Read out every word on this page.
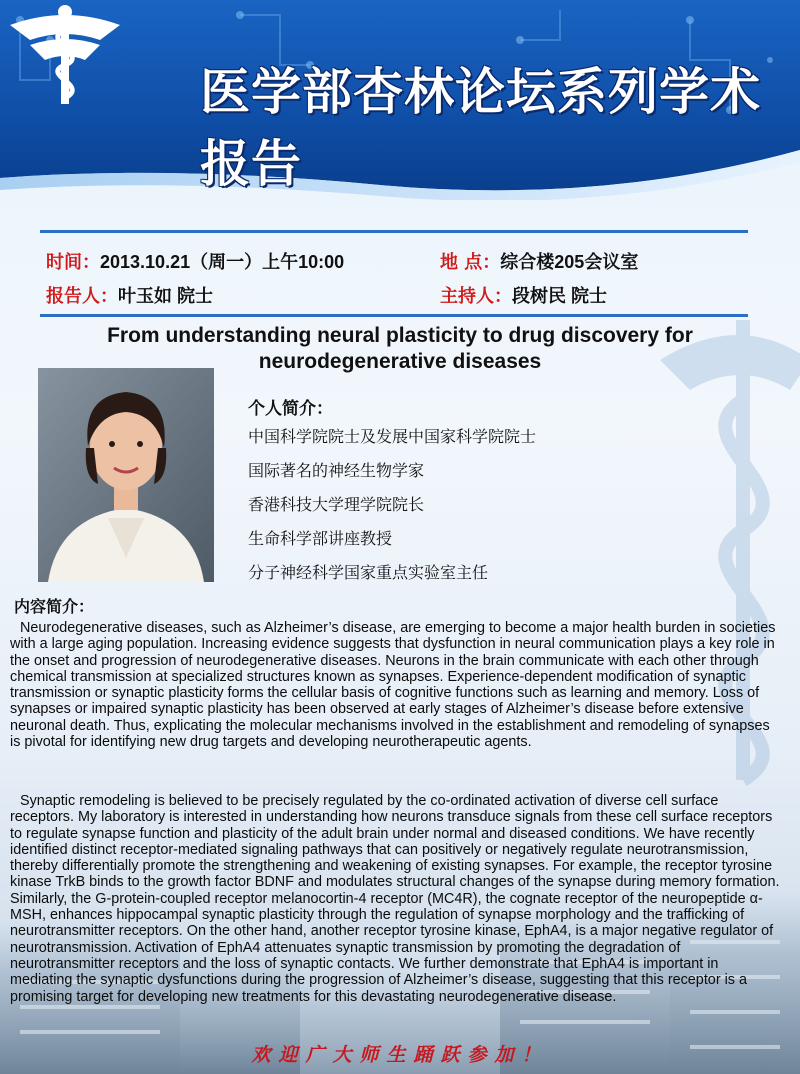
医学部杏林论坛系列学术报告
时间：2013.10.21（周一）上午10:00	地 点：综合楼205会议室
报告人：叶玉如 院士	主持人：段树民 院士
From understanding neural plasticity to drug discovery for
neurodegenerative diseases
个人简介：
中国科学院院士及发展中国家科学院院士
国际著名的神经生物学家
香港科技大学理学院院长
生命科学部讲座教授
分子神经科学国家重点实验室主任
内容简介：

Neurodegenerative diseases, such as Alzheimer’s disease, are emerging to become a major health burden in societies with a large aging population. Increasing evidence suggests that dysfunction in neural communication plays a key role in the onset and progression of neurodegenerative diseases. Neurons in the brain communicate with each other through chemical transmission at specialized structures known as synapses. Experience-dependent modification of synaptic transmission or synaptic plasticity forms the cellular basis of cognitive functions such as learning and memory. Loss of synapses or impaired synaptic plasticity has been observed at early stages of Alzheimer’s disease before extensive neuronal death. Thus, explicating the molecular mechanisms involved in the establishment and remodeling of synapses is pivotal for identifying new drug targets and developing neurotherapeutic agents.

Synaptic remodeling is believed to be precisely regulated by the co-ordinated activation of diverse cell surface receptors. My laboratory is interested in understanding how neurons transduce signals from these cell surface receptors to regulate synapse function and plasticity of the adult brain under normal and diseased conditions. We have recently identified distinct receptor-mediated signaling pathways that can positively or negatively regulate neurotransmission, thereby differentially promote the strengthening and weakening of existing synapses. For example, the receptor tyrosine kinase TrkB binds to the growth factor BDNF and modulates structural changes of the synapse during memory formation. Similarly, the G-protein-coupled receptor melanocortin-4 receptor (MC4R), the cognate receptor of the neuropeptide α-MSH, enhances hippocampal synaptic plasticity through the regulation of synapse morphology and the trafficking of neurotransmitter receptors. On the other hand, another receptor tyrosine kinase, EphA4, is a major negative regulator of neurotransmission. Activation of EphA4 attenuates synaptic transmission by promoting the degradation of neurotransmitter receptors and the loss of synaptic contacts. We further demonstrate that EphA4 is important in mediating the synaptic dysfunctions during the progression of Alzheimer’s disease, suggesting that this receptor is a promising target for developing new treatments for this devastating neurodegenerative disease.

欢迎广大师生踊跃参加！
